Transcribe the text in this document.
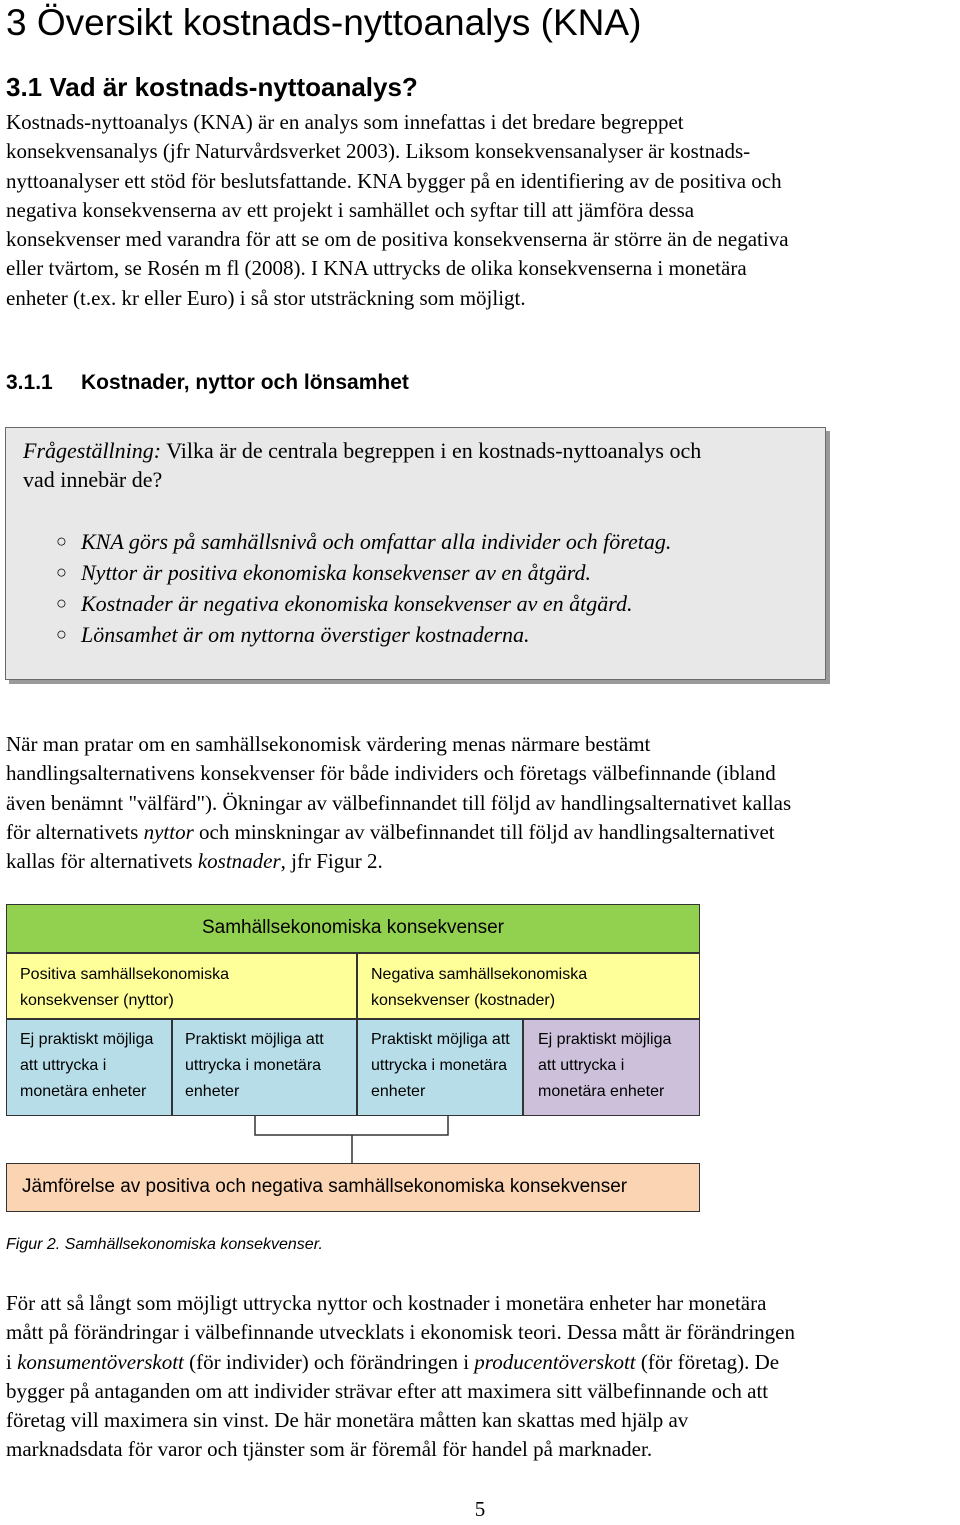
3 Översikt kostnads-nyttoanalys (KNA)
3.1 Vad är kostnads-nyttoanalys?

Kostnads-nyttoanalys (KNA) är en analys som innefattas i det bredare begreppet

konsekvensanalys (jfr Naturvårdsverket 2003). Liksom konsekvensanalyser är kostnads-

nyttoanalyser ett stöd för beslutsfattande. KNA bygger på en identifiering av de positiva och

negativa konsekvenserna av ett projekt i samhället och syftar till att jämföra dessa

konsekvenser med varandra för att se om de positiva konsekvenserna är större än de negativa

eller tvärtom, se Rosén m fl (2008). I KNA uttrycks de olika konsekvenserna i monetära

enheter (t.ex. kr eller Euro) i så stor utsträckning som möjligt.

3.1.1 Kostnader, nyttor och lönsamhet

Frågeställning: Vilka är de centrala begreppen i en kostnads-nyttoanalys och

vad innebär de?

○ KNA görs på samhällsnivå och omfattar alla individer och företag.
○ Nyttor är positiva ekonomiska konsekvenser av en åtgärd.
○ Kostnader är negativa ekonomiska konsekvenser av en åtgärd.
○ Lönsamhet är om nyttorna överstiger kostnaderna.

När man pratar om en samhällsekonomisk värdering menas närmare bestämt

handlingsalternativens konsekvenser för både individers och företags välbefinnande (ibland

även benämnt "välfärd"). Ökningar av välbefinnandet till följd av handlingsalternativet kallas

för alternativets nyttor och minskningar av välbefinnandet till följd av handlingsalternativet

kallas för alternativets kostnader, jfr Figur 2.

Samhällsekonomiska konsekvenser

Positiva samhällsekonomiska

konsekvenser (nyttor)

Negativa samhällsekonomiska

konsekvenser (kostnader)

Ej praktiskt möjliga

att uttrycka i

monetära enheter

Praktiskt möjliga att

uttrycka i monetära

enheter

Praktiskt möjliga att

uttrycka i monetära

enheter

Ej praktiskt möjliga

att uttrycka i

monetära enheter

Jämförelse av positiva och negativa samhällsekonomiska konsekvenser

Figur 2. Samhällsekonomiska konsekvenser.

För att så långt som möjligt uttrycka nyttor och kostnader i monetära enheter har monetära

mått på förändringar i välbefinnande utvecklats i ekonomisk teori. Dessa mått är förändringen

i konsumentöverskott (för individer) och förändringen i producentöverskott (för företag). De

bygger på antaganden om att individer strävar efter att maximera sitt välbefinnande och att

företag vill maximera sin vinst. De här monetära måtten kan skattas med hjälp av

marknadsdata för varor och tjänster som är föremål för handel på marknader.

5
